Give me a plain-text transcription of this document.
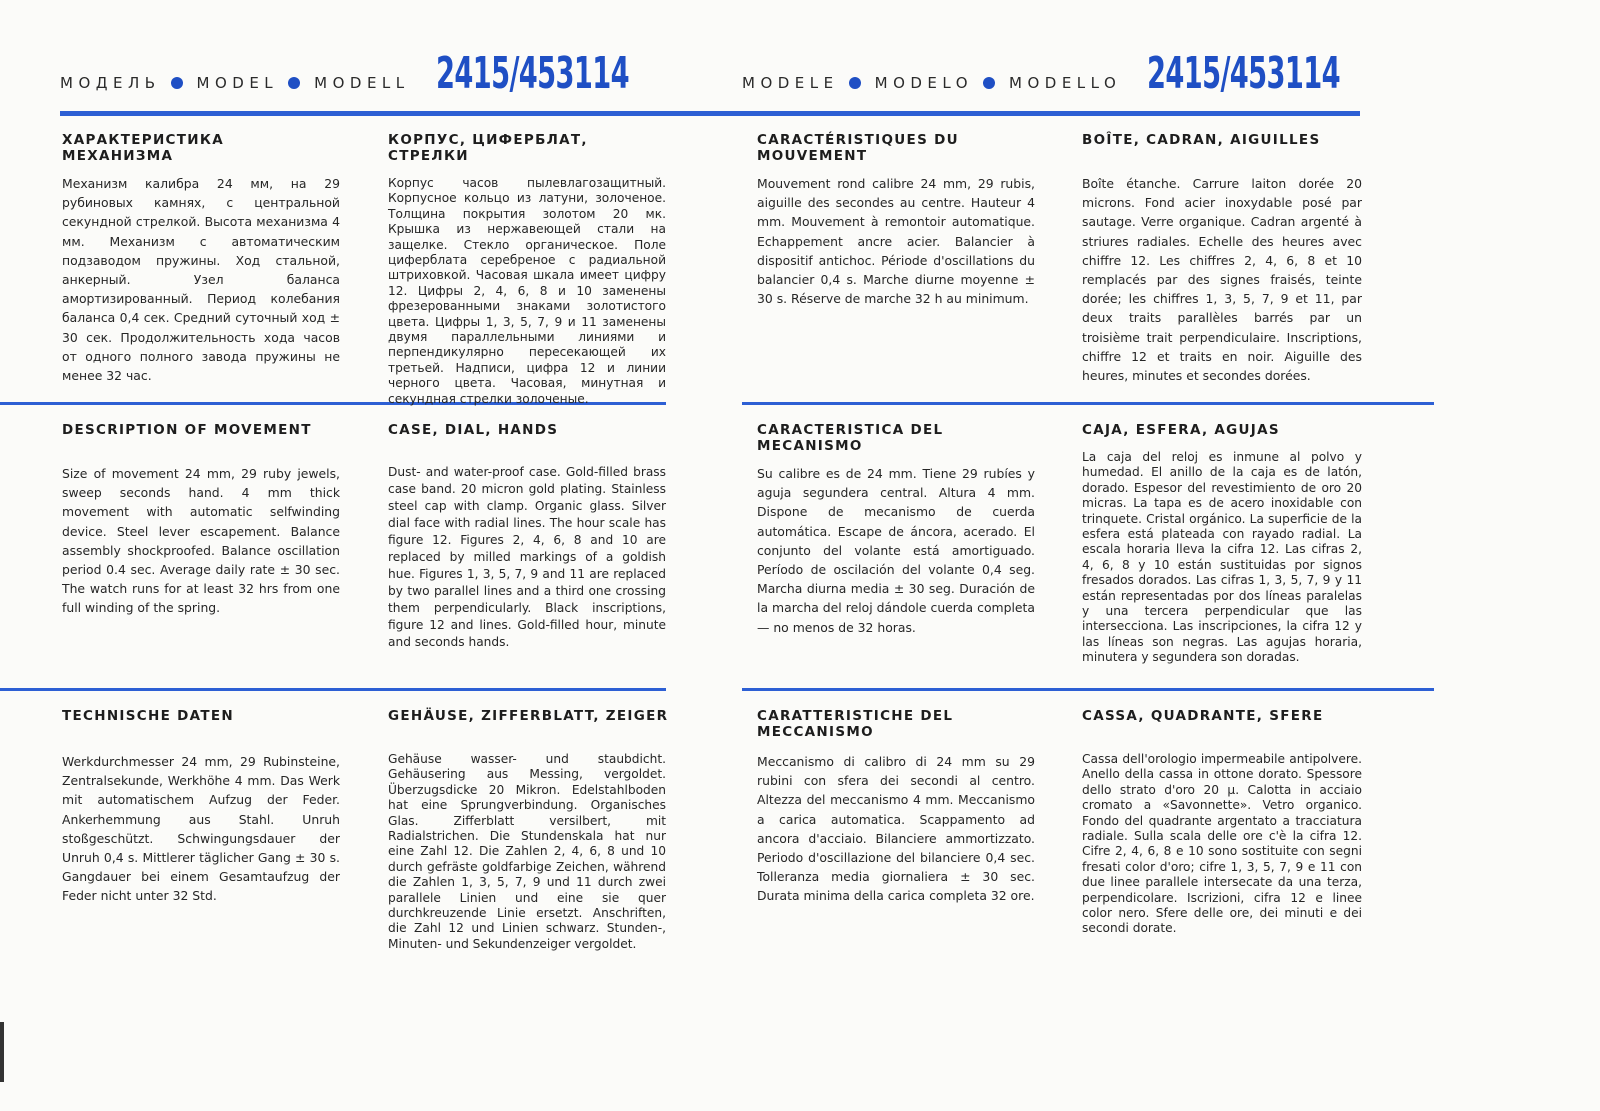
МОДЕЛЬ MODEL MODELL 2415/453114	MODELE MODELO MODELLO 2415/453114
ХАРАКТЕРИСТИКА
МЕХАНИЗМА
Механизм калибра 24 мм, на 29 рубиновых камнях, с центральной секундной стрелкой. Высота механизма 4 мм. Механизм с автоматическим подзаводом пружины. Ход стальной, анкерный. Узел баланса амортизированный. Период колебания баланса 0,4 сек. Средний суточный ход ± 30 сек. Продолжительность хода часов от одного полного завода пружины не менее 32 час.
КОРПУС, ЦИФЕРБЛАТ, СТРЕЛКИ
Корпус часов пылевлагозащитный. Корпусное кольцо из латуни, золоченое. Толщина покрытия золотом 20 мк. Крышка из нержавеющей стали на защелке. Стекло органическое. Поле циферблата серебреное с радиальной штриховкой. Часовая шкала имеет цифру 12. Цифры 2, 4, 6, 8 и 10 заменены фрезерованными знаками золотистого цвета. Цифры 1, 3, 5, 7, 9 и 11 заменены двумя параллельными линиями и перпендикулярно пересекающей их третьей. Надписи, цифра 12 и линии черного цвета. Часовая, минутная и секундная стрелки золоченые.
CARACTÉRISTIQUES DU
MOUVEMENT
Mouvement rond calibre 24 mm, 29 rubis, aiguille des secondes au centre. Hauteur 4 mm. Mouvement à remontoir automatique. Echappement ancre acier. Balancier à dispositif antichoc. Période d'oscillations du balancier 0,4 s. Marche diurne moyenne ± 30 s. Réserve de marche 32 h au minimum.
BOÎTE, CADRAN, AIGUILLES
Boîte étanche. Carrure laiton dorée 20 microns. Fond acier inoxydable posé par sautage. Verre organique. Cadran argenté à striures radiales. Echelle des heures avec chiffre 12. Les chiffres 2, 4, 6, 8 et 10 remplacés par des signes fraisés, teinte dorée; les chiffres 1, 3, 5, 7, 9 et 11, par deux traits parallèles barrés par un troisième trait perpendiculaire. Inscriptions, chiffre 12 et traits en noir. Aiguille des heures, minutes et secondes dorées.
DESCRIPTION OF MOVEMENT
Size of movement 24 mm, 29 ruby jewels, sweep seconds hand. 4 mm thick movement with automatic selfwinding device. Steel lever escapement. Balance assembly shockproofed. Balance oscillation period 0.4 sec. Average daily rate ± 30 sec. The watch runs for at least 32 hrs from one full winding of the spring.
CASE, DIAL, HANDS
Dust- and water-proof case. Gold-filled brass case band. 20 micron gold plating. Stainless steel cap with clamp. Organic glass. Silver dial face with radial lines. The hour scale has figure 12. Figures 2, 4, 6, 8 and 10 are replaced by milled markings of a goldish hue. Figures 1, 3, 5, 7, 9 and 11 are replaced by two parallel lines and a third one crossing them perpendicularly. Black inscriptions, figure 12 and lines. Gold-filled hour, minute and seconds hands.
CARACTERISTICA DEL
MECANISMO
Su calibre es de 24 mm. Tiene 29 rubíes y aguja segundera central. Altura 4 mm. Dispone de mecanismo de cuerda automática. Escape de áncora, acerado. El conjunto del volante está amortiguado. Período de oscilación del volante 0,4 seg. Marcha diurna media ± 30 seg. Duración de la marcha del reloj dándole cuerda completa — no menos de 32 horas.
CAJA, ESFERA, AGUJAS
La caja del reloj es inmune al polvo y humedad. El anillo de la caja es de latón, dorado. Espesor del revestimiento de oro 20 micras. La tapa es de acero inoxidable con trinquete. Cristal orgánico. La superficie de la esfera está plateada con rayado radial. La escala horaria lleva la cifra 12. Las cifras 2, 4, 6, 8 y 10 están sustituidas por signos fresados dorados. Las cifras 1, 3, 5, 7, 9 y 11 están representadas por dos líneas paralelas y una tercera perpendicular que las intersecciona. Las inscripciones, la cifra 12 y las líneas son negras. Las agujas horaria, minutera y segundera son doradas.
TECHNISCHE DATEN
Werkdurchmesser 24 mm, 29 Rubinsteine, Zentralsekunde, Werkhöhe 4 mm. Das Werk mit automatischem Aufzug der Feder. Ankerhemmung aus Stahl. Unruh stoßgeschützt. Schwingungsdauer der Unruh 0,4 s. Mittlerer täglicher Gang ± 30 s. Gangdauer bei einem Gesamtaufzug der Feder nicht unter 32 Std.
GEHÄUSE, ZIFFERBLATT, ZEIGER
Gehäuse wasser- und staubdicht. Gehäusering aus Messing, vergoldet. Überzugsdicke 20 Mikron. Edelstahlboden hat eine Sprungverbindung. Organisches Glas. Zifferblatt versilbert, mit Radialstrichen. Die Stundenskala hat nur eine Zahl 12. Die Zahlen 2, 4, 6, 8 und 10 durch gefräste goldfarbige Zeichen, während die Zahlen 1, 3, 5, 7, 9 und 11 durch zwei parallele Linien und eine sie quer durchkreuzende Linie ersetzt. Anschriften, die Zahl 12 und Linien schwarz. Stunden-, Minuten- und Sekundenzeiger vergoldet.
CARATTERISTICHE DEL
MECCANISMO
Meccanismo di calibro di 24 mm su 29 rubini con sfera dei secondi al centro. Altezza del meccanismo 4 mm. Meccanismo a carica automatica. Scappamento ad ancora d'acciaio. Bilanciere ammortizzato. Periodo d'oscillazione del bilanciere 0,4 sec. Tolleranza media giornaliera ± 30 sec. Durata minima della carica completa 32 ore.
CASSA, QUADRANTE, SFERE
Cassa dell'orologio impermeabile antipolvere. Anello della cassa in ottone dorato. Spessore dello strato d'oro 20 μ. Calotta in acciaio cromato a «Savonnette». Vetro organico. Fondo del quadrante argentato a tracciatura radiale. Sulla scala delle ore c'è la cifra 12. Cifre 2, 4, 6, 8 e 10 sono sostituite con segni fresati color d'oro; cifre 1, 3, 5, 7, 9 e 11 con due linee parallele intersecate da una terza, perpendicolare. Iscrizioni, cifra 12 e linee color nero. Sfere delle ore, dei minuti e dei secondi dorate.
